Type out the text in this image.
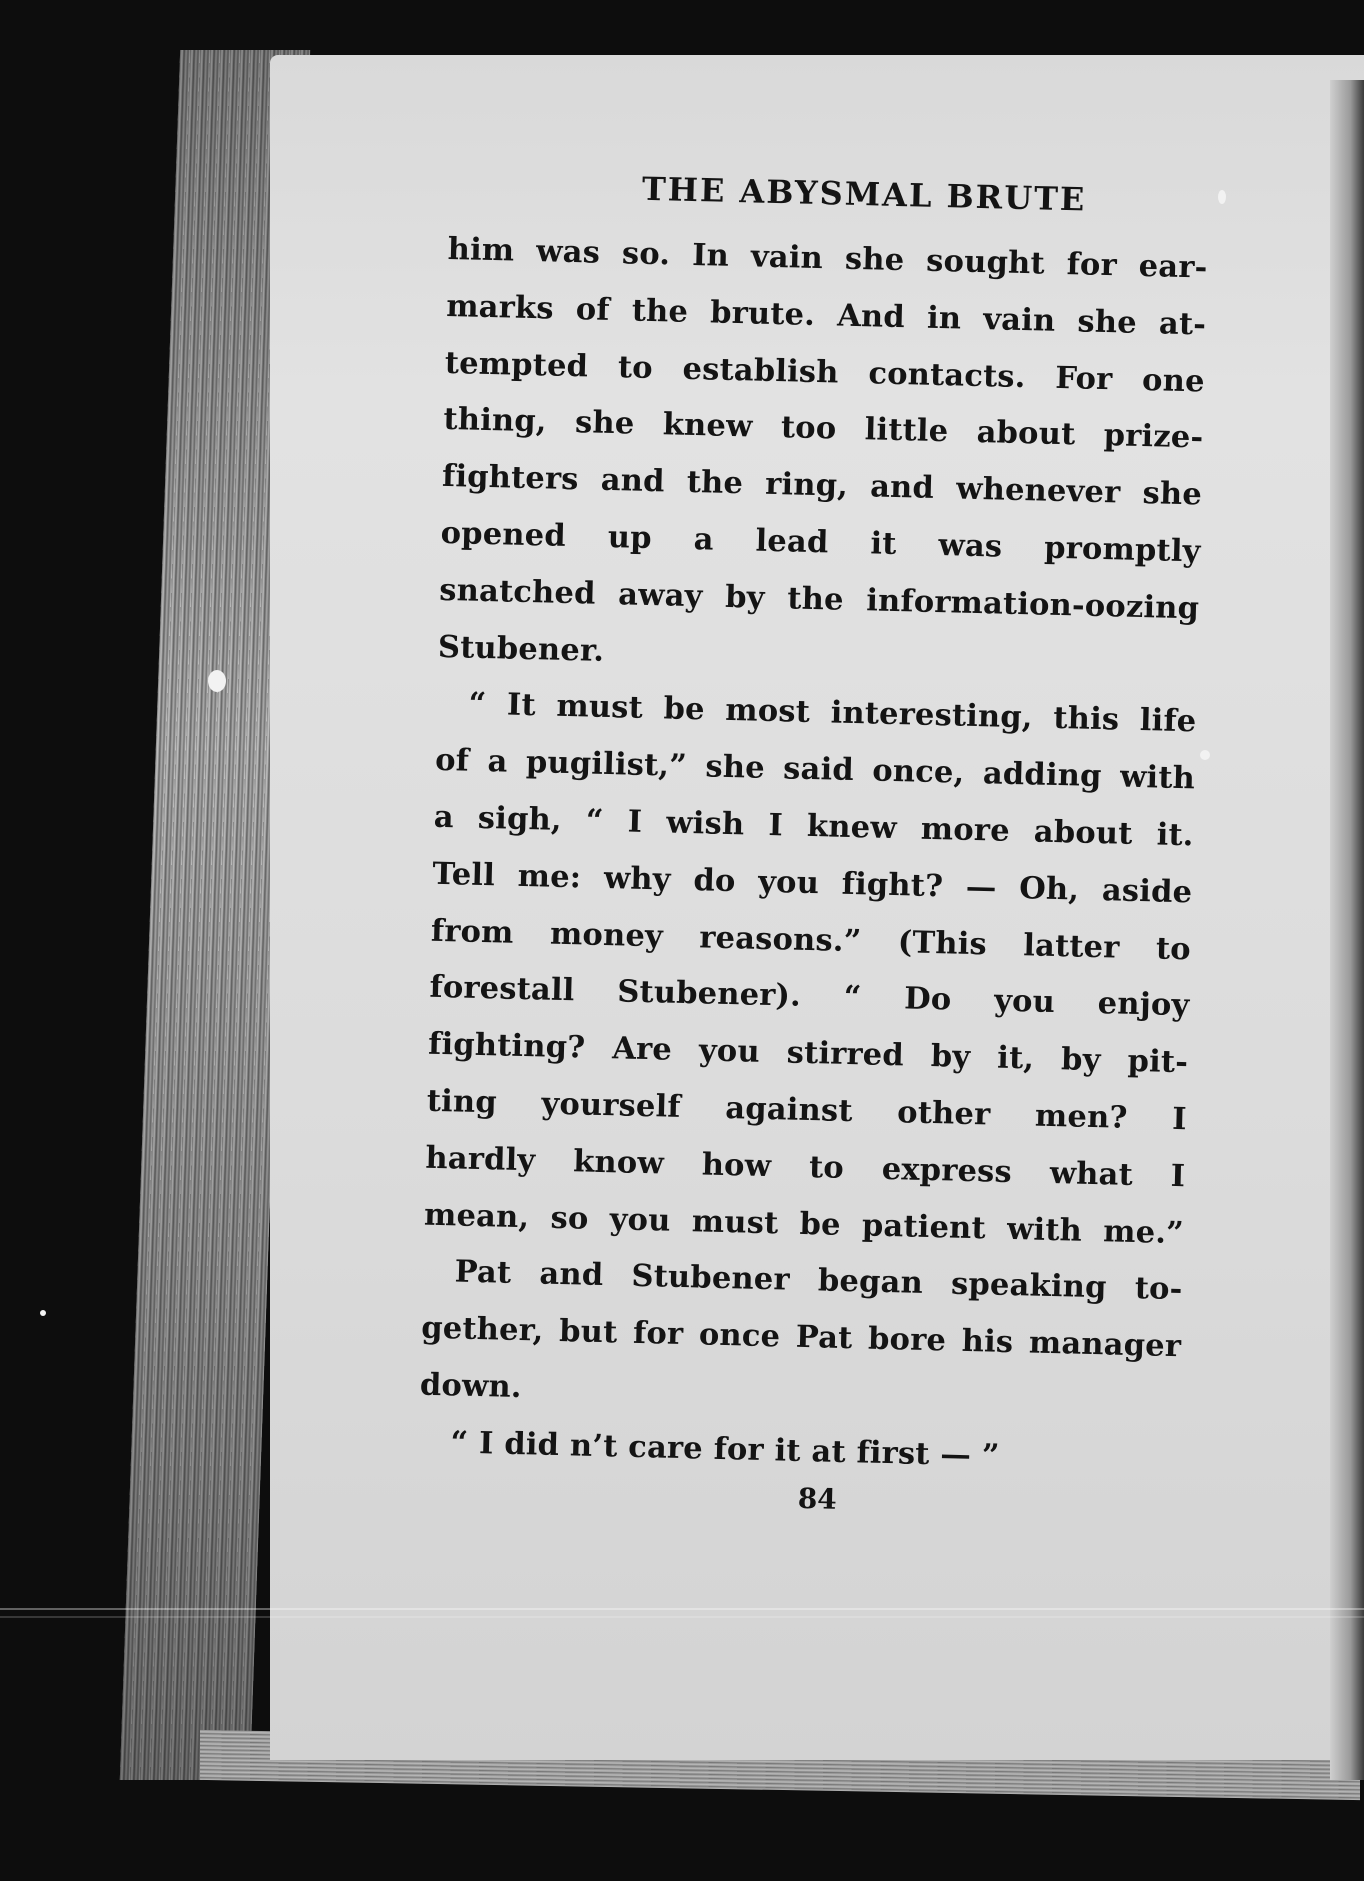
THE ABYSMAL BRUTE
him was so. In vain she sought for ear-
marks of the brute. And in vain she at-
tempted to establish contacts. For one
thing, she knew too little about prize-
fighters and the ring, and whenever she
opened up a lead it was promptly
snatched away by the information-oozing
Stubener.
“ It must be most interesting, this life
of a pugilist,” she said once, adding with
a sigh, “ I wish I knew more about it.
Tell me: why do you fight? — Oh, aside
from money reasons.” (This latter to
forestall Stubener). “ Do you enjoy
fighting? Are you stirred by it, by pit-
ting yourself against other men? I
hardly know how to express what I
mean, so you must be patient with me.”
Pat and Stubener began speaking to-
gether, but for once Pat bore his manager
down.
“ I did n’t care for it at first — ”
84
